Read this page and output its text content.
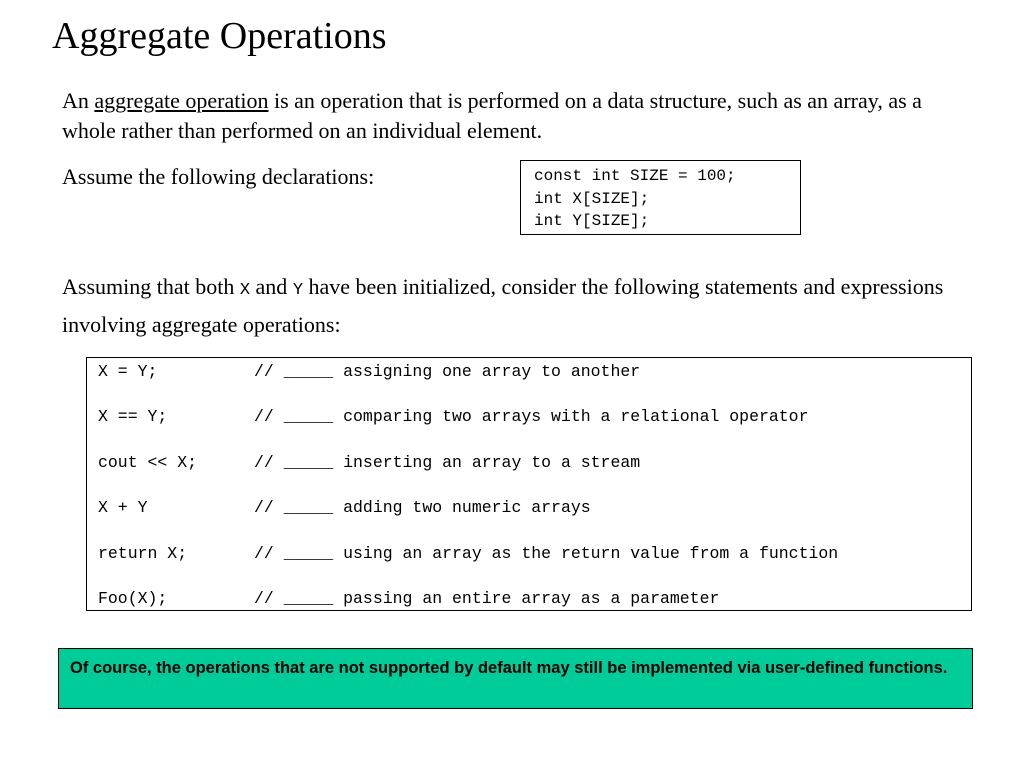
Aggregate Operations
An aggregate operation is an operation that is performed on a data structure, such as an array, as a whole rather than performed on an individual element.
Assume the following declarations:	const int SIZE = 100;
int X[SIZE];
int Y[SIZE];
Assuming that both X and Y have been initialized, consider the following statements and expressions involving aggregate operations:
X = Y;	// _____ assigning one array to another
X == Y;	// _____ comparing two arrays with a relational operator
cout << X;	// _____ inserting an array to a stream
X + Y	// _____ adding two numeric arrays
return X;	// _____ using an array as the return value from a function
Foo(X);	// _____ passing an entire array as a parameter
Of course, the operations that are not supported by default may still be implemented via user-defined functions.
